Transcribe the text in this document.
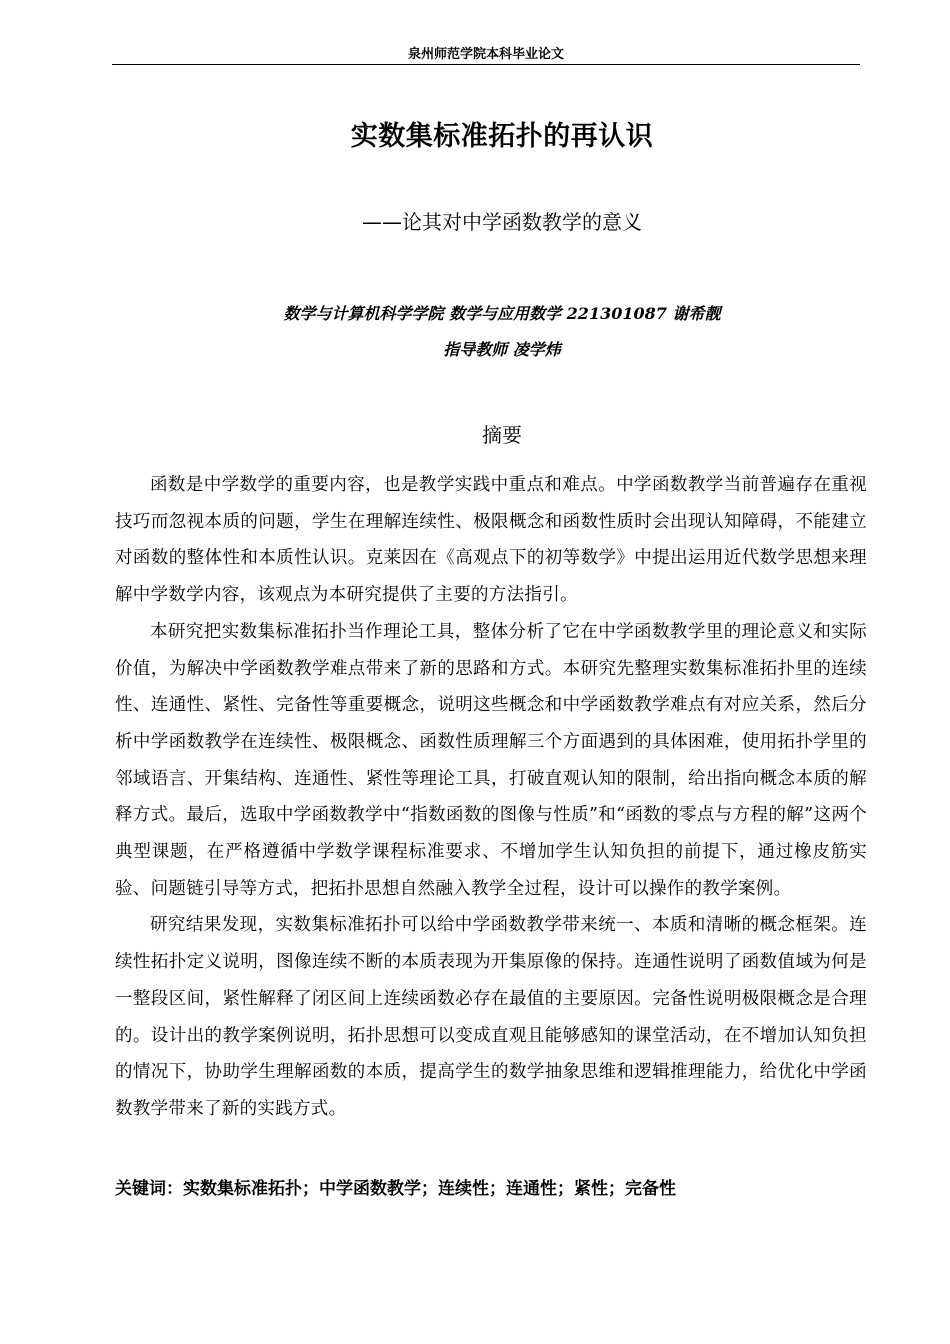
泉州师范学院本科毕业论文
实数集标准拓扑的再认识
——论其对中学函数教学的意义
数学与计算机科学学院 数学与应用数学 221301087 谢希靓
指导教师 凌学炜
摘要

函数是中学数学的重要内容，也是教学实践中重点和难点。中学函数教学当前普遍存在重视技巧而忽视本质的问题，学生在理解连续性、极限概念和函数性质时会出现认知障碍，不能建立对函数的整体性和本质性认识。克莱因在《高观点下的初等数学》中提出运用近代数学思想来理解中学数学内容，该观点为本研究提供了主要的方法指引。

本研究把实数集标准拓扑当作理论工具，整体分析了它在中学函数教学里的理论意义和实际价值，为解决中学函数教学难点带来了新的思路和方式。本研究先整理实数集标准拓扑里的连续性、连通性、紧性、完备性等重要概念，说明这些概念和中学函数教学难点有对应关系，然后分析中学函数教学在连续性、极限概念、函数性质理解三个方面遇到的具体困难，使用拓扑学里的邻域语言、开集结构、连通性、紧性等理论工具，打破直观认知的限制，给出指向概念本质的解释方式。最后，选取中学函数教学中“指数函数的图像与性质”和“函数的零点与方程的解”这两个典型课题，在严格遵循中学数学课程标准要求、不增加学生认知负担的前提下，通过橡皮筋实验、问题链引导等方式，把拓扑思想自然融入教学全过程，设计可以操作的教学案例。

研究结果发现，实数集标准拓扑可以给中学函数教学带来统一、本质和清晰的概念框架。连续性拓扑定义说明，图像连续不断的本质表现为开集原像的保持。连通性说明了函数值域为何是一整段区间，紧性解释了闭区间上连续函数必存在最值的主要原因。完备性说明极限概念是合理的。设计出的教学案例说明，拓扑思想可以变成直观且能够感知的课堂活动，在不增加认知负担的情况下，协助学生理解函数的本质，提高学生的数学抽象思维和逻辑推理能力，给优化中学函数教学带来了新的实践方式。

关键词：实数集标准拓扑；中学函数教学；连续性；连通性；紧性；完备性
